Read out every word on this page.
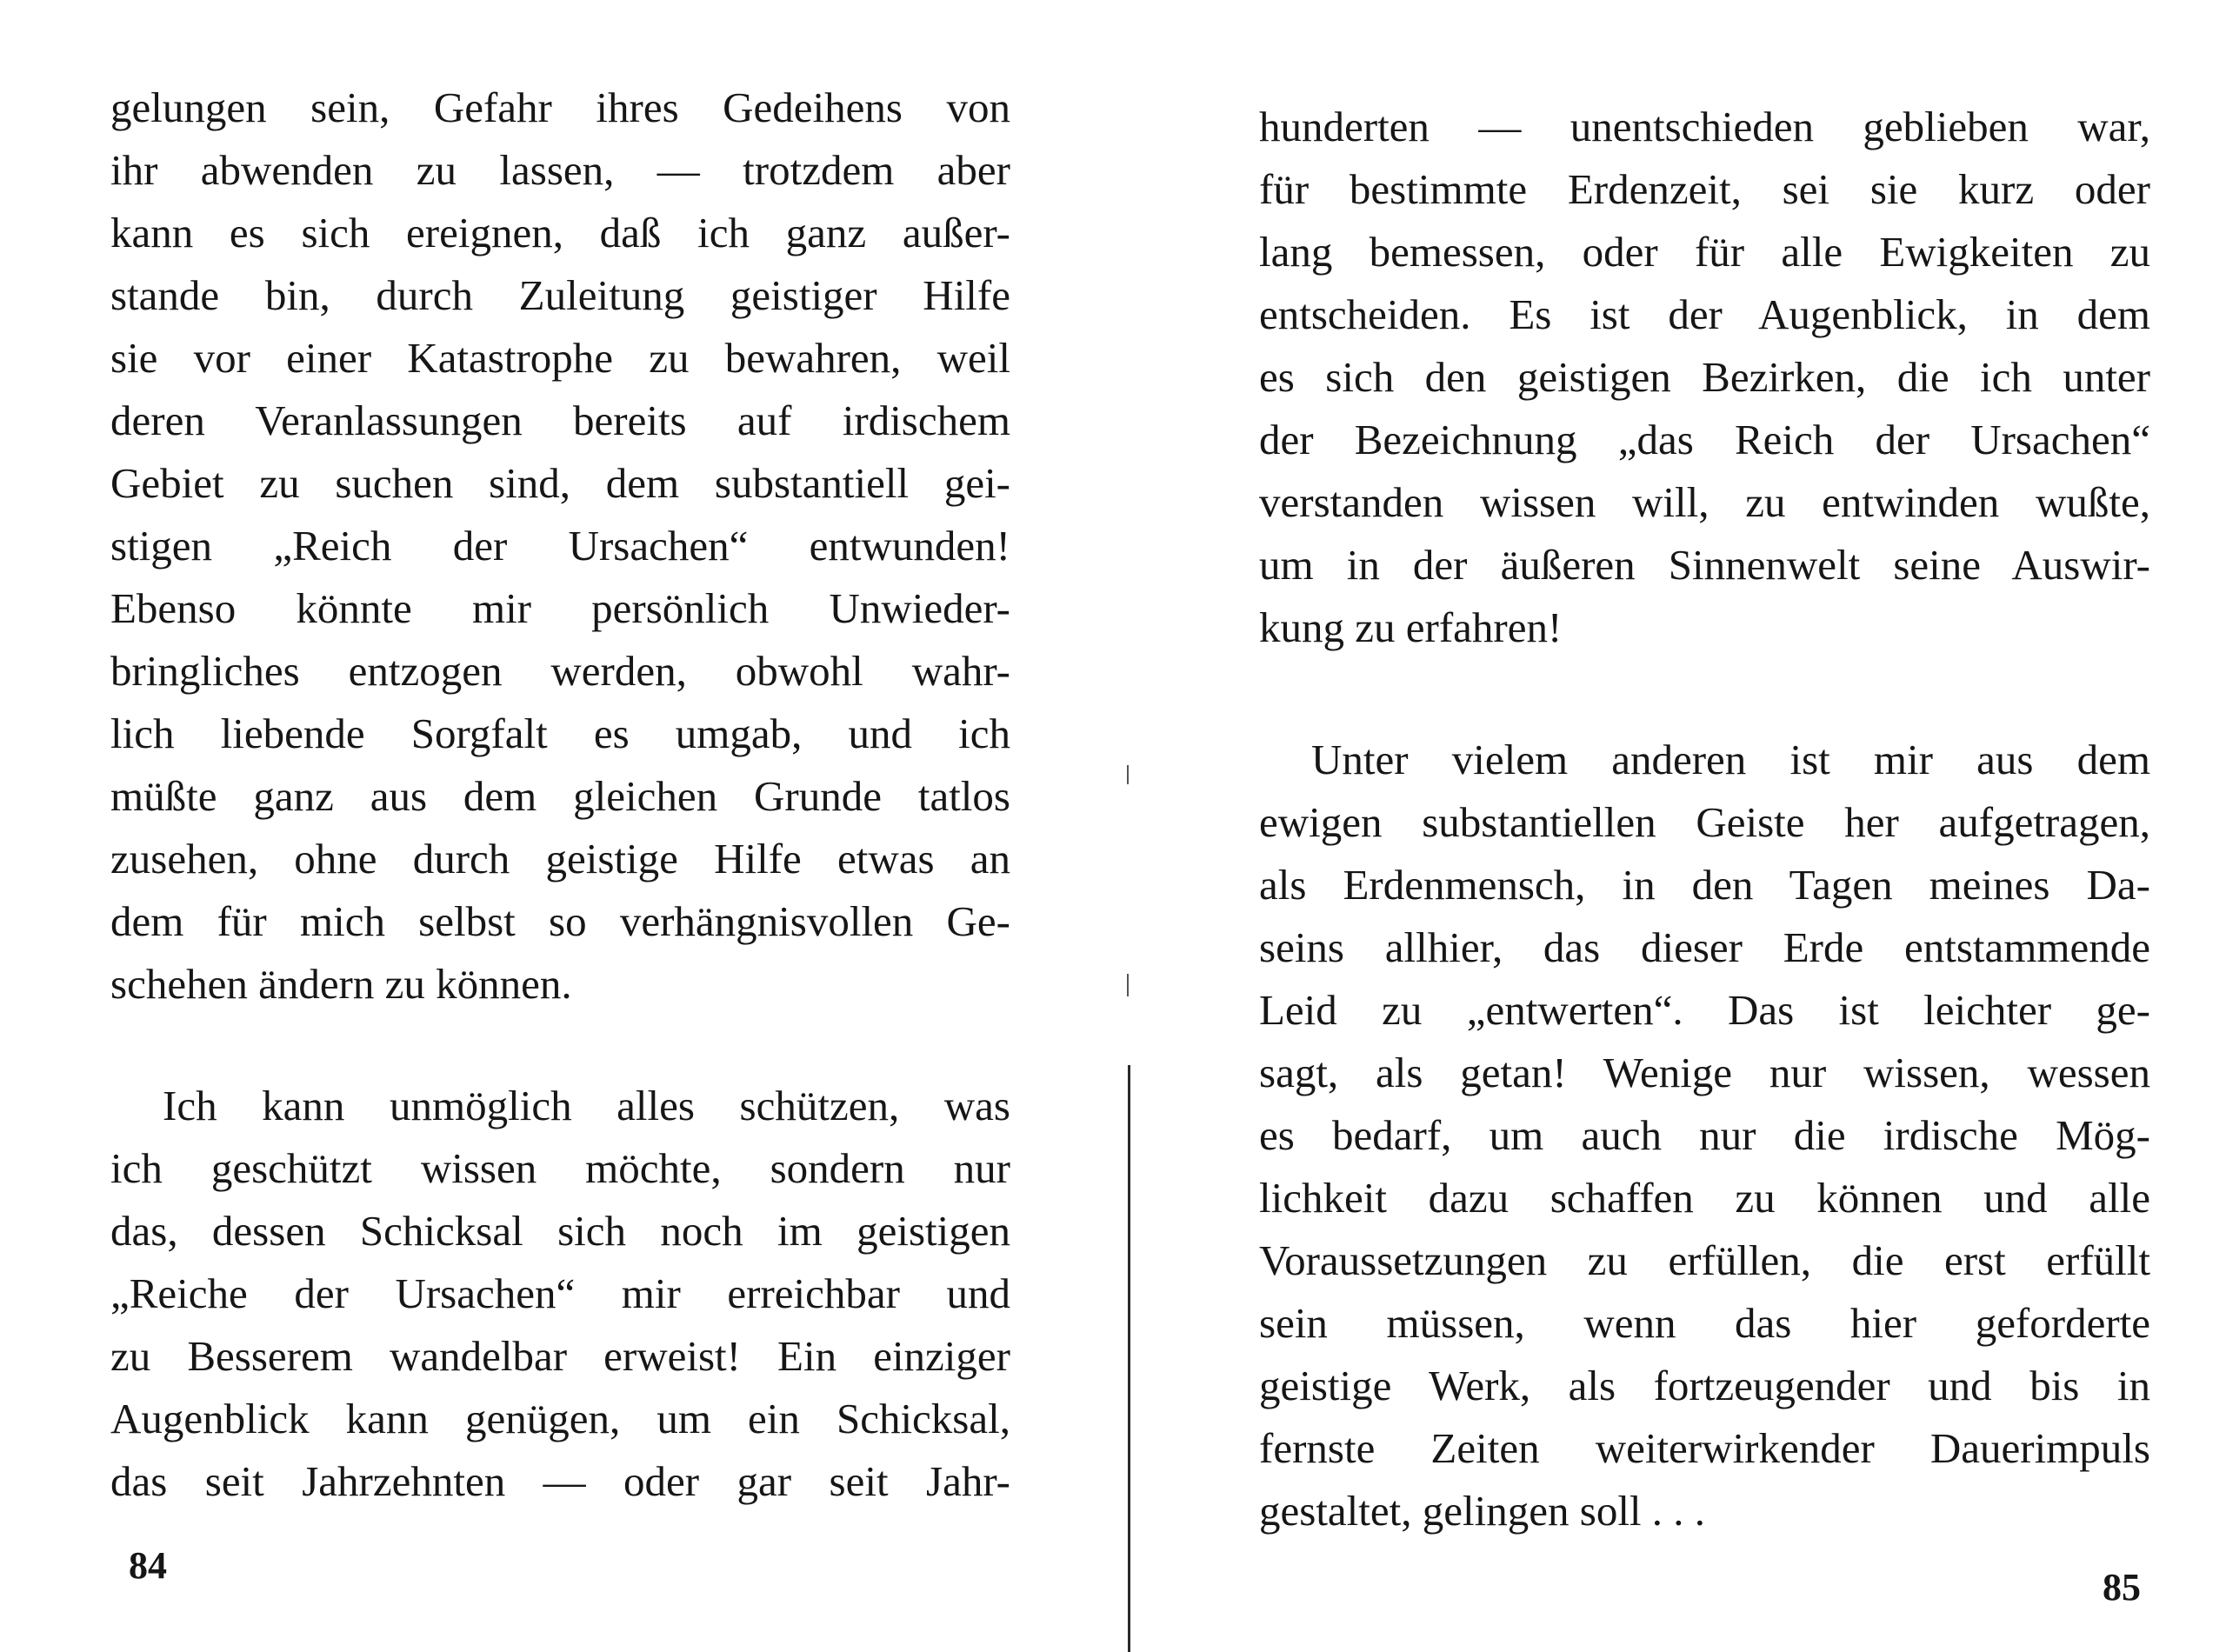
gelungen sein, Gefahr ihres Gedeihens von
ihr abwenden zu lassen, — trotzdem aber
kann es sich ereignen, daß ich ganz außer-
stande bin, durch Zuleitung geistiger Hilfe
sie vor einer Katastrophe zu bewahren, weil
deren Veranlassungen bereits auf irdischem
Gebiet zu suchen sind, dem substantiell gei-
stigen „Reich der Ursachen“ entwunden!
Ebenso könnte mir persönlich Unwieder-
bringliches entzogen werden, obwohl wahr-
lich liebende Sorgfalt es umgab, und ich
müßte ganz aus dem gleichen Grunde tatlos
zusehen, ohne durch geistige Hilfe etwas an
dem für mich selbst so verhängnisvollen Ge-
schehen ändern zu können.
Ich kann unmöglich alles schützen, was
ich geschützt wissen möchte, sondern nur
das, dessen Schicksal sich noch im geistigen
„Reiche der Ursachen“ mir erreichbar und
zu Besserem wandelbar erweist! Ein einziger
Augenblick kann genügen, um ein Schicksal,
das seit Jahrzehnten — oder gar seit Jahr-
84
hunderten — unentschieden geblieben war,
für bestimmte Erdenzeit, sei sie kurz oder
lang bemessen, oder für alle Ewigkeiten zu
entscheiden. Es ist der Augenblick, in dem
es sich den geistigen Bezirken, die ich unter
der Bezeichnung „das Reich der Ursachen“
verstanden wissen will, zu entwinden wußte,
um in der äußeren Sinnenwelt seine Auswir-
kung zu erfahren!
Unter vielem anderen ist mir aus dem
ewigen substantiellen Geiste her aufgetragen,
als Erdenmensch, in den Tagen meines Da-
seins allhier, das dieser Erde entstammende
Leid zu „entwerten“. Das ist leichter ge-
sagt, als getan! Wenige nur wissen, wessen
es bedarf, um auch nur die irdische Mög-
lichkeit dazu schaffen zu können und alle
Voraussetzungen zu erfüllen, die erst erfüllt
sein müssen, wenn das hier geforderte
geistige Werk, als fortzeugender und bis in
fernste Zeiten weiterwirkender Dauerimpuls
gestaltet, gelingen soll . . .
85
